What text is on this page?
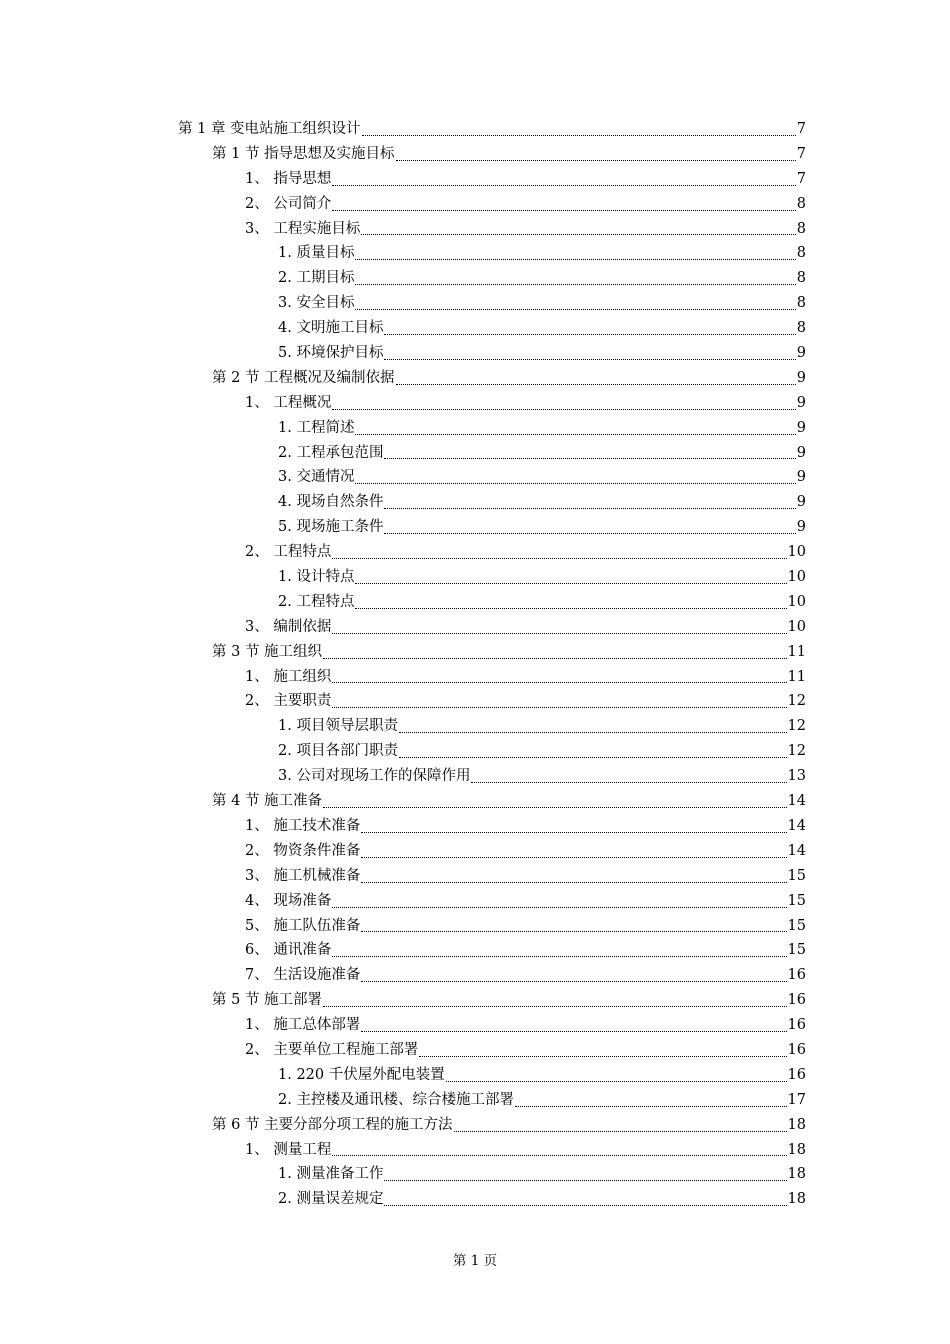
第 1 章 变电站施工组织设计	7
第 1 节 指导思想及实施目标	7
1、 指导思想	7
2、 公司简介	8
3、 工程实施目标	8
1. 质量目标	8
2. 工期目标	8
3. 安全目标	8
4. 文明施工目标	8
5. 环境保护目标	9
第 2 节 工程概况及编制依据	9
1、 工程概况	9
1. 工程简述	9
2. 工程承包范围	9
3. 交通情况	9
4. 现场自然条件	9
5. 现场施工条件	9
2、 工程特点	10
1. 设计特点	10
2. 工程特点	10
3、 编制依据	10
第 3 节 施工组织	11
1、 施工组织	11
2、 主要职责	12
1. 项目领导层职责	12
2. 项目各部门职责	12
3. 公司对现场工作的保障作用	13
第 4 节 施工准备	14
1、 施工技术准备	14
2、 物资条件准备	14
3、 施工机械准备	15
4、 现场准备	15
5、 施工队伍准备	15
6、 通讯准备	15
7、 生活设施准备	16
第 5 节 施工部署	16
1、 施工总体部署	16
2、 主要单位工程施工部署	16
1. 220 千伏屋外配电装置	16
2. 主控楼及通讯楼、综合楼施工部署	17
第 6 节 主要分部分项工程的施工方法	18
1、 测量工程	18
1. 测量准备工作	18
2. 测量误差规定	18
第 1 页
